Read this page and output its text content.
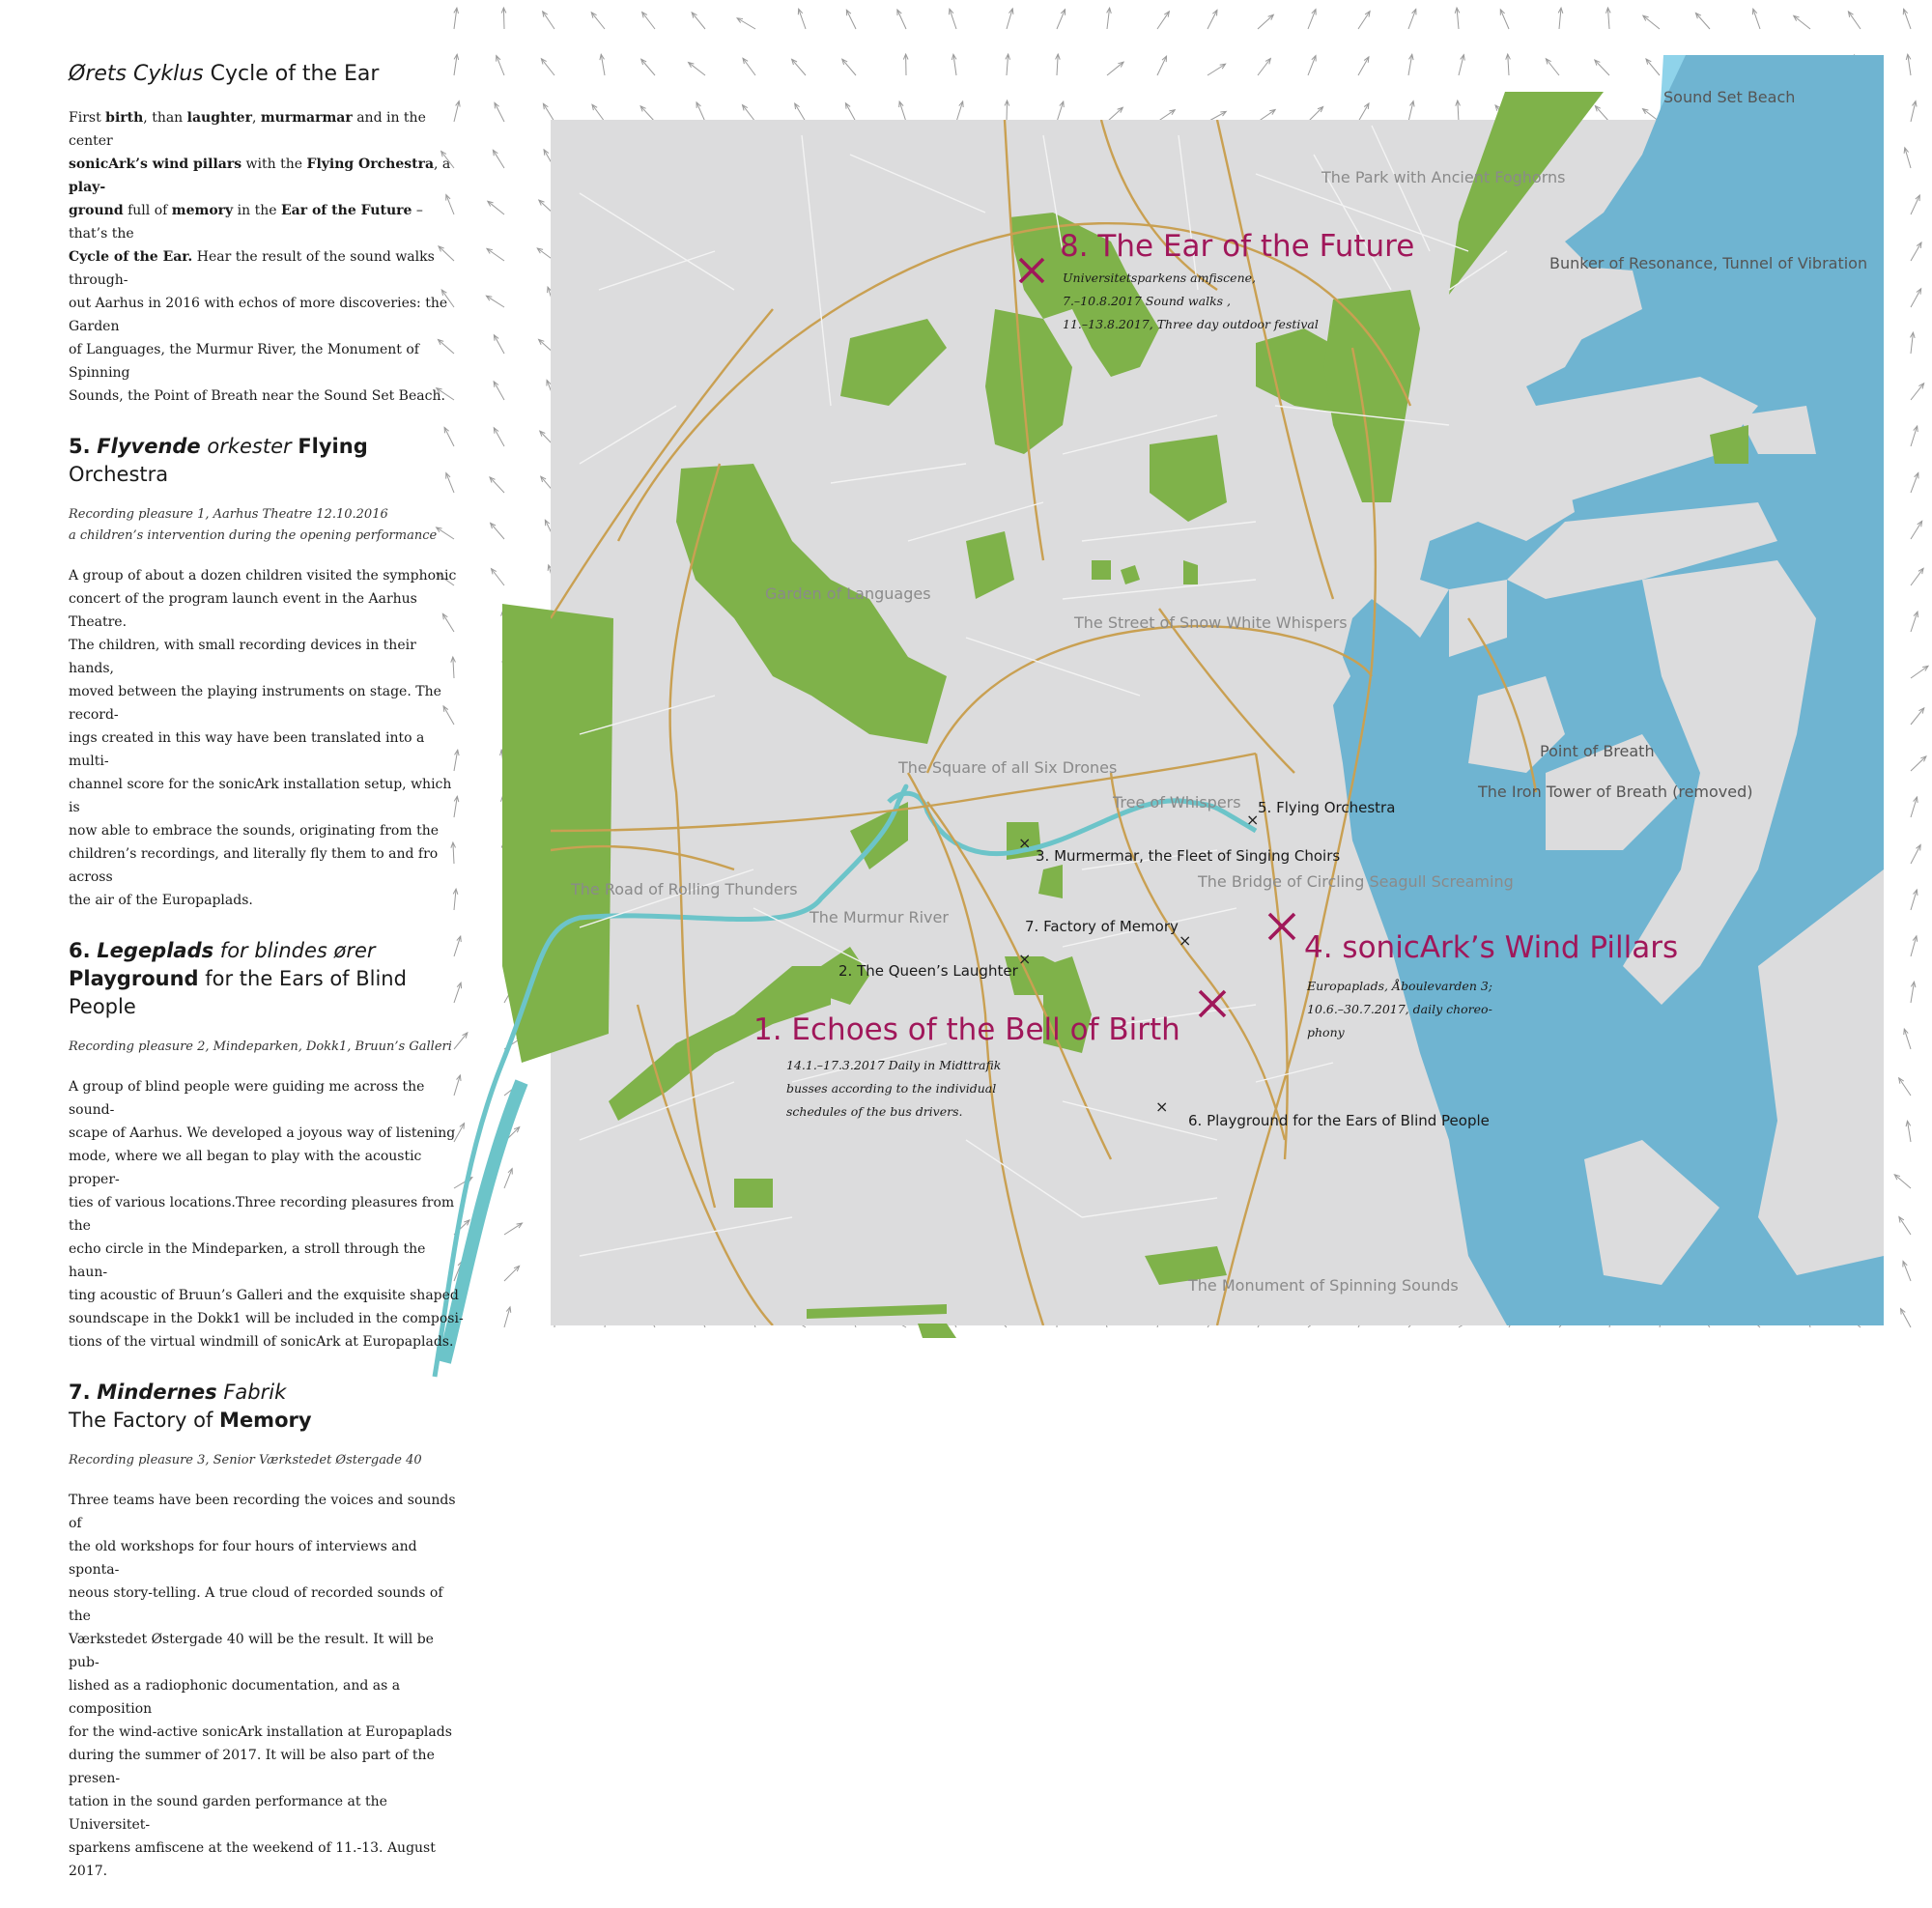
Sound Set Beach
The Park with Ancient Foghorns
Bunker of Resonance, Tunnel of Vibration
Garden of Languages
The Street of Snow White Whispers
The Square of all Six Drones
Tree of Whispers
Point of Breath
The Iron Tower of Breath (removed)
The Road of Rolling Thunders
The Murmur River
The Bridge of Circling Seagull Screaming
The Monument of Spinning Sounds
×
5. Flying Orchestra
×
3. Murmermar, the Fleet of Singing Choirs
7. Factory of Memory
×
×
2. The Queen’s Laughter
×
6. Playground for the Ears of Blind People
8. The Ear of the Future
Universitetsparkens amfiscene,
7.–10.8.2017 Sound walks ,
11.–13.8.2017, Three day outdoor festival
4. sonicArk’s Wind Pillars
Europaplads, Åboulevarden 3;
10.6.–30.7.2017, daily choreo-
phony
1. Echoes of the Bell of Birth
14.1.–17.3.2017 Daily in Midttrafik
busses according to the individual
schedules of the bus drivers.
Ørets Cyklus Cycle of the Ear
First birth, than laughter, murmarmar and in the center
sonicArk’s wind pillars with the Flying Orchestra, a play-
ground full of memory in the Ear of the Future – that’s the
Cycle of the Ear. Hear the result of the sound walks through-
out Aarhus in 2016 with echos of more discoveries: the Garden
of Languages, the Murmur River, the Monument of Spinning
Sounds, the Point of Breath near the Sound Set Beach.
5. Flyvende orkester Flying Orchestra
Recording pleasure 1, Aarhus Theatre 12.10.2016
a children’s intervention during the opening performance
A group of about a dozen children visited the symphonic
concert of the program launch event in the Aarhus Theatre.
The children, with small recording devices in their hands,
moved between the playing instruments on stage. The record-
ings created in this way have been translated into a multi-
channel score for the sonicArk installation setup, which is
now able to embrace the sounds, originating from the
children’s recordings, and literally fly them to and fro across
the air of the Europaplads.
6. Legeplads for blindes ører
Playground for the Ears of Blind People
Recording pleasure 2, Mindeparken, Dokk1, Bruun’s Galleri
A group of blind people were guiding me across the sound-
scape of Aarhus. We developed a joyous way of listening
mode, where we all began to play with the acoustic proper-
ties of various locations.Three recording pleasures from the
echo circle in the Mindeparken, a stroll through the haun-
ting acoustic of Bruun’s Galleri and the exquisite shaped
soundscape in the Dokk1 will be included in the composi-
tions of the virtual windmill of sonicArk at Europaplads.
7. Mindernes Fabrik
The Factory of Memory
Recording pleasure 3, Senior Værkstedet Østergade 40
Three teams have been recording the voices and sounds of
the old workshops for four hours of interviews and sponta-
neous story-telling. A true cloud of recorded sounds of the
Værkstedet Østergade 40 will be the result. It will be pub-
lished as a radiophonic documentation, and as a composition
for the wind-active sonicArk installation at Europaplads
during the summer of 2017. It will be also part of the presen-
tation in the sound garden performance at the Universitet-
sparkens amfiscene at the weekend of 11.-13. August 2017.
